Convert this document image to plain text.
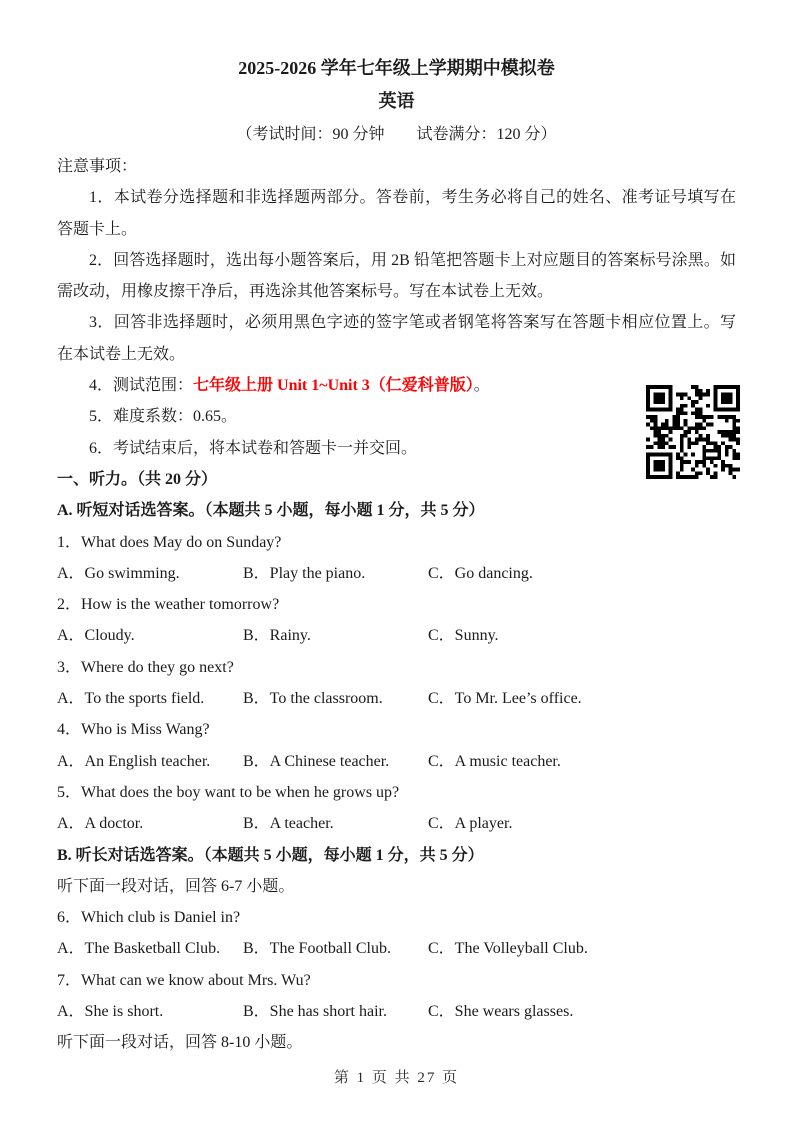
2025-2026 学年七年级上学期期中模拟卷

英语

（考试时间：90 分钟　　试卷满分：120 分）

注意事项：

1．本试卷分选择题和非选择题两部分。答卷前，考生务必将自己的姓名、准考证号填写在答题卡上。

2．回答选择题时，选出每小题答案后，用 2B 铅笔把答题卡上对应题目的答案标号涂黑。如需改动，用橡皮擦干净后，再选涂其他答案标号。写在本试卷上无效。

3．回答非选择题时，必须用黑色字迹的签字笔或者钢笔将答案写在答题卡相应位置上。写在本试卷上无效。

4．测试范围：七年级上册 Unit 1~Unit 3（仁爱科普版）。

5．难度系数：0.65。

6．考试结束后，将本试卷和答题卡一并交回。

一、听力。（共 20 分）

A. 听短对话选答案。（本题共 5 小题，每小题 1 分，共 5 分）

1．What does May do on Sunday?

A．Go swimming.	B．Play the piano.	C．Go dancing.

2．How is the weather tomorrow?

A．Cloudy.	B．Rainy.	C．Sunny.

3．Where do they go next?

A．To the sports field.	B．To the classroom.	C．To Mr. Lee’s office.

4．Who is Miss Wang?

A．An English teacher.	B．A Chinese teacher.	C．A music teacher.

5．What does the boy want to be when he grows up?

A．A doctor.	B．A teacher.	C．A player.

B. 听长对话选答案。（本题共 5 小题，每小题 1 分，共 5 分）

听下面一段对话，回答 6-7 小题。

6．Which club is Daniel in?

A．The Basketball Club.	B．The Football Club.	C．The Volleyball Club.

7．What can we know about Mrs. Wu?

A．She is short.	B．She has short hair.	C．She wears glasses.

听下面一段对话，回答 8-10 小题。

第 1 页 共 27 页
